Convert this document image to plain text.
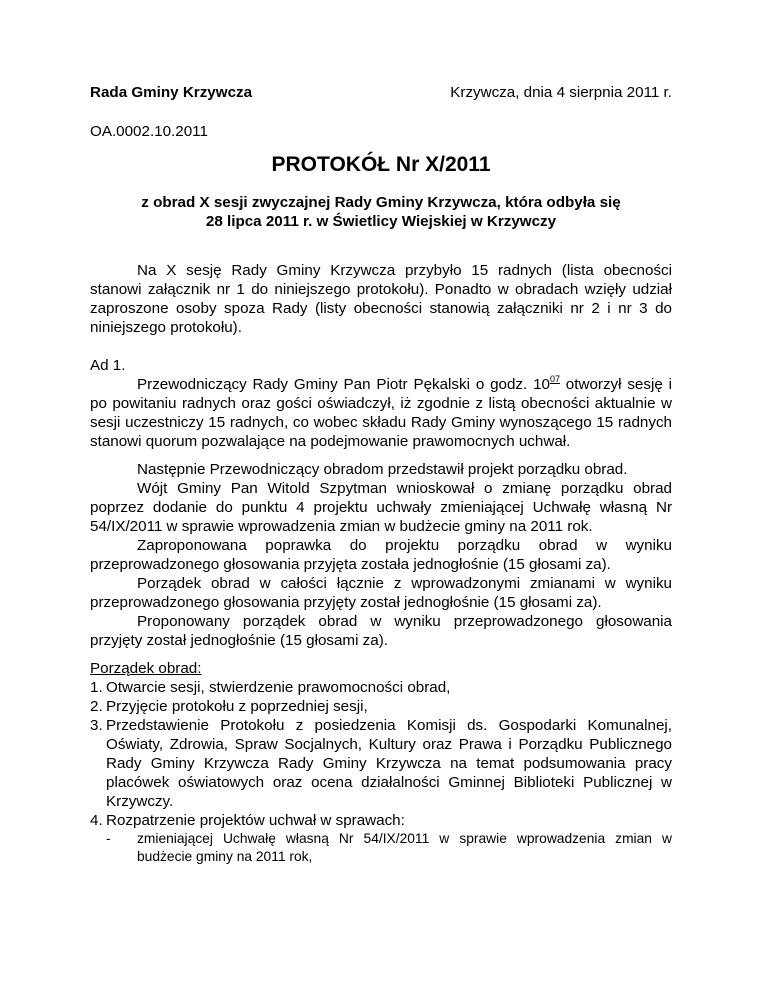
Rada Gminy Krzywcza	Krzywcza, dnia 4 sierpnia 2011 r.
OA.0002.10.2011
PROTOKÓŁ Nr X/2011
z obrad X sesji zwyczajnej Rady Gminy Krzywcza, która odbyła się
28 lipca 2011 r. w Świetlicy Wiejskiej w Krzywczy

Na X sesję Rady Gminy Krzywcza przybyło 15 radnych (lista obecności stanowi załącznik nr 1 do niniejszego protokołu). Ponadto w obradach wzięły udział zaproszone osoby spoza Rady (listy obecności stanowią załączniki nr 2 i nr 3 do niniejszego protokołu).

Ad 1.

Przewodniczący Rady Gminy Pan Piotr Pękalski o godz. $10^{07}$ otworzył sesję i po powitaniu radnych oraz gości oświadczył, iż zgodnie z listą obecności aktualnie w sesji uczestniczy 15 radnych, co wobec składu Rady Gminy wynoszącego 15 radnych stanowi quorum pozwalające na podejmowanie prawomocnych uchwał.

Następnie Przewodniczący obradom przedstawił projekt porządku obrad.

Wójt Gminy Pan Witold Szpytman wnioskował o zmianę porządku obrad poprzez dodanie do punktu 4 projektu uchwały zmieniającej Uchwałę własną Nr 54/IX/2011 w sprawie wprowadzenia zmian w budżecie gminy na 2011 rok.

Zaproponowana poprawka do projektu porządku obrad w wyniku przeprowadzonego głosowania przyjęta została jednogłośnie (15 głosami za).

Porządek obrad w całości łącznie z wprowadzonymi zmianami w wyniku przeprowadzonego głosowania przyjęty został jednogłośnie (15 głosami za).

Proponowany porządek obrad w wyniku przeprowadzonego głosowania przyjęty został jednogłośnie (15 głosami za).

Porządek obrad:

1. Otwarcie sesji, stwierdzenie prawomocności obrad,
2. Przyjęcie protokołu z poprzedniej sesji,
3. Przedstawienie Protokołu z posiedzenia Komisji ds. Gospodarki Komunalnej, Oświaty, Zdrowia, Spraw Socjalnych, Kultury oraz Prawa i Porządku Publicznego Rady Gminy Krzywcza Rady Gminy Krzywcza na temat podsumowania pracy placówek oświatowych oraz ocena działalności Gminnej Biblioteki Publicznej w Krzywczy.
4. Rozpatrzenie projektów uchwał w sprawach:
- zmieniającej Uchwałę własną Nr 54/IX/2011 w sprawie wprowadzenia zmian w budżecie gminy na 2011 rok,
